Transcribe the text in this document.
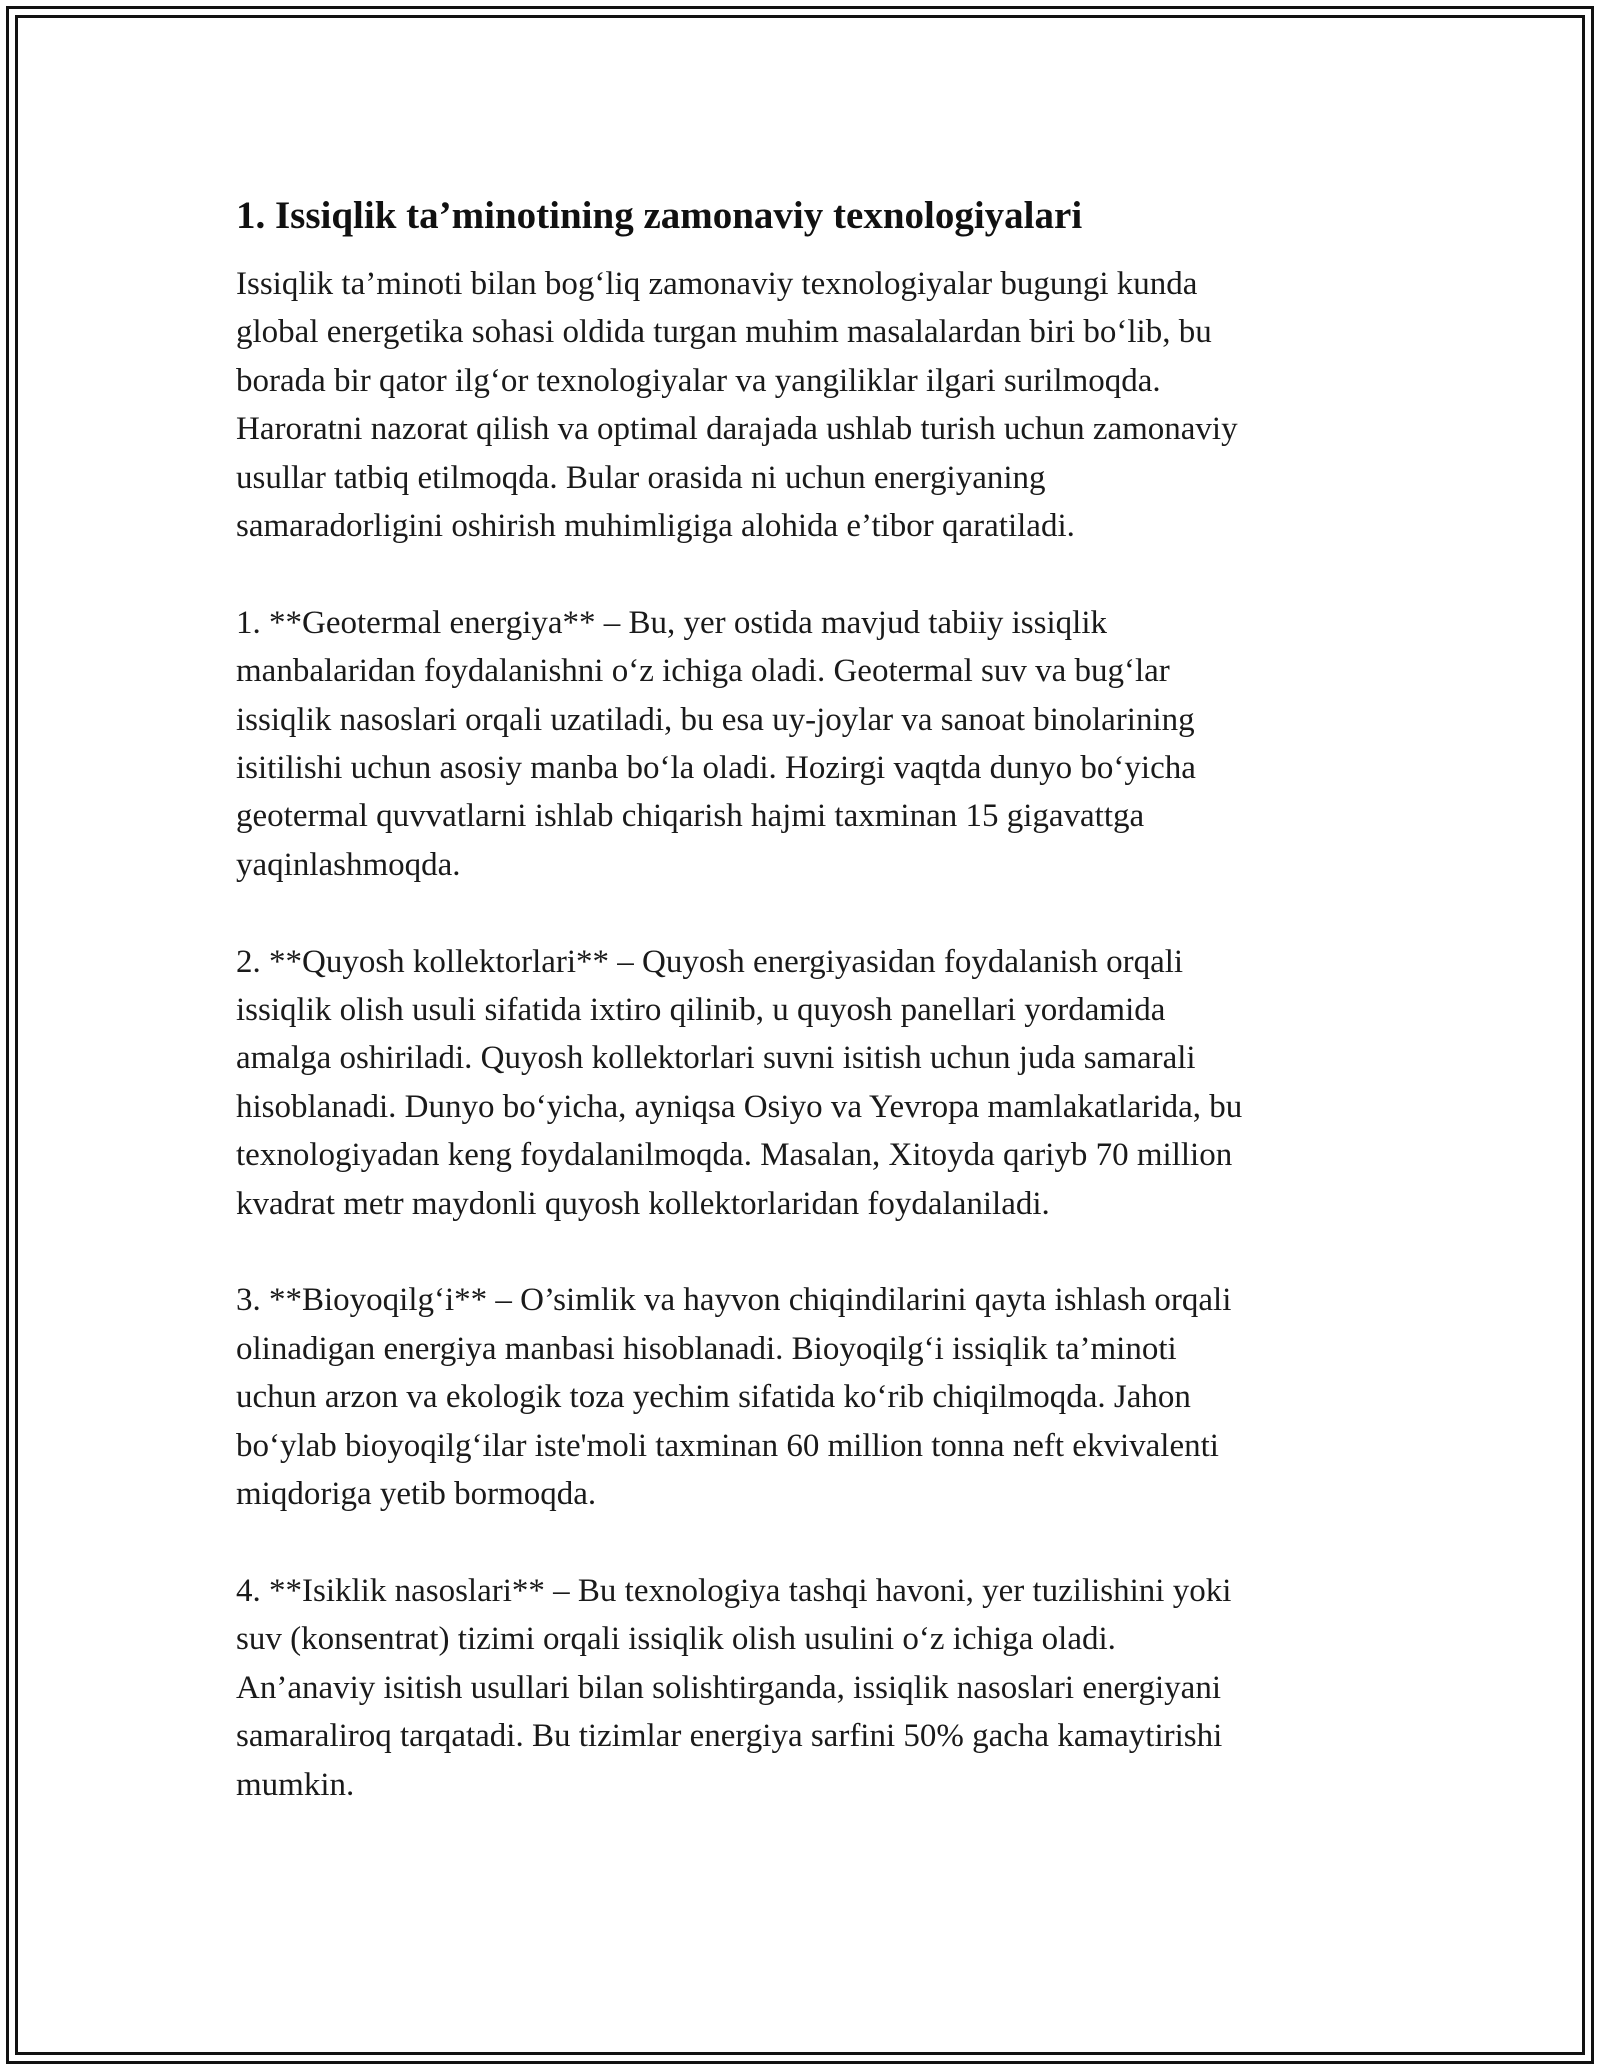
1. Issiqlik ta’minotining zamonaviy texnologiyalari

Issiqlik ta’minoti bilan bog‘liq zamonaviy texnologiyalar bugungi kunda
global energetika sohasi oldida turgan muhim masalalardan biri bo‘lib, bu
borada bir qator ilg‘or texnologiyalar va yangiliklar ilgari surilmoqda.
Haroratni nazorat qilish va optimal darajada ushlab turish uchun zamonaviy
usullar tatbiq etilmoqda. Bular orasida ni uchun energiyaning
samaradorligini oshirish muhimligiga alohida e’tibor qaratiladi.

1. **Geotermal energiya** – Bu, yer ostida mavjud tabiiy issiqlik
manbalaridan foydalanishni o‘z ichiga oladi. Geotermal suv va bug‘lar
issiqlik nasoslari orqali uzatiladi, bu esa uy-joylar va sanoat binolarining
isitilishi uchun asosiy manba bo‘la oladi. Hozirgi vaqtda dunyo bo‘yicha
geotermal quvvatlarni ishlab chiqarish hajmi taxminan 15 gigavattga
yaqinlashmoqda.

2. **Quyosh kollektorlari** – Quyosh energiyasidan foydalanish orqali
issiqlik olish usuli sifatida ixtiro qilinib, u quyosh panellari yordamida
amalga oshiriladi. Quyosh kollektorlari suvni isitish uchun juda samarali
hisoblanadi. Dunyo bo‘yicha, ayniqsa Osiyo va Yevropa mamlakatlarida, bu
texnologiyadan keng foydalanilmoqda. Masalan, Xitoyda qariyb 70 million
kvadrat metr maydonli quyosh kollektorlaridan foydalaniladi.

3. **Bioyoqilg‘i** – O’simlik va hayvon chiqindilarini qayta ishlash orqali
olinadigan energiya manbasi hisoblanadi. Bioyoqilg‘i issiqlik ta’minoti
uchun arzon va ekologik toza yechim sifatida ko‘rib chiqilmoqda. Jahon
bo‘ylab bioyoqilg‘ilar iste'moli taxminan 60 million tonna neft ekvivalenti
miqdoriga yetib bormoqda.

4. **Isiklik nasoslari** – Bu texnologiya tashqi havoni, yer tuzilishini yoki
suv (konsentrat) tizimi orqali issiqlik olish usulini o‘z ichiga oladi.
An’anaviy isitish usullari bilan solishtirganda, issiqlik nasoslari energiyani
samaraliroq tarqatadi. Bu tizimlar energiya sarfini 50% gacha kamaytirishi
mumkin.
